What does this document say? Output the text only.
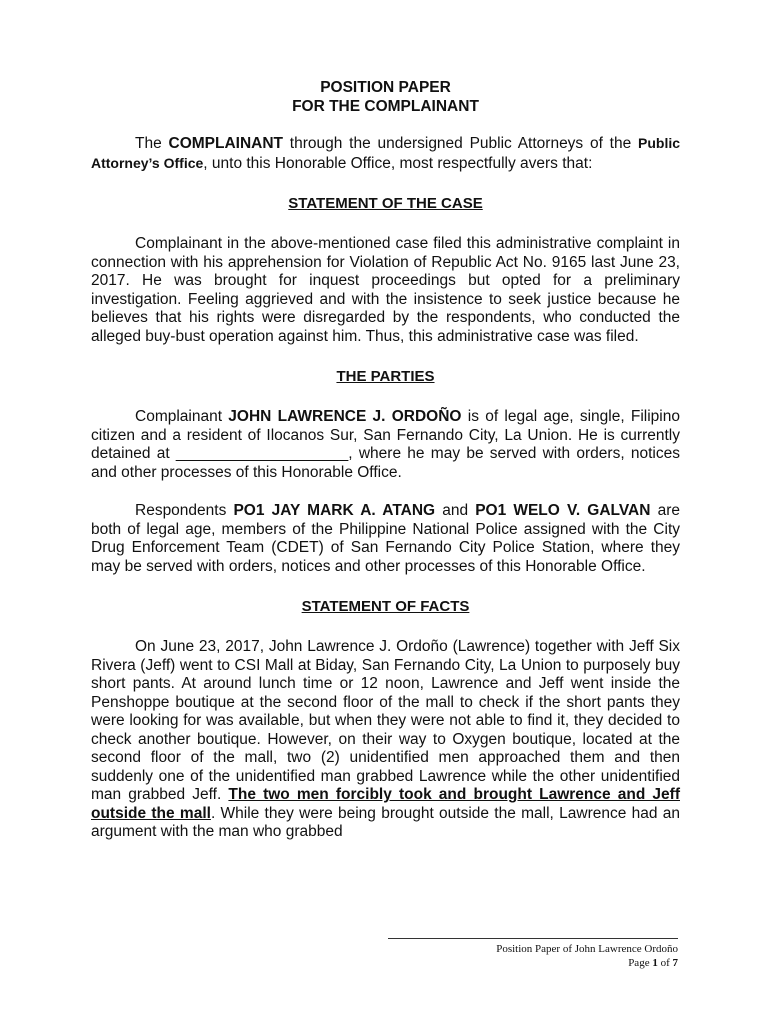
POSITION PAPER

FOR THE COMPLAINANT

The COMPLAINANT through the undersigned Public Attorneys of the Public Attorney’s Office, unto this Honorable Office, most respectfully avers that:

STATEMENT OF THE CASE

Complainant in the above-mentioned case filed this administrative complaint in connection with his apprehension for Violation of Republic Act No. 9165 last June 23, 2017. He was brought for inquest proceedings but opted for a preliminary investigation. Feeling aggrieved and with the insistence to seek justice because he believes that his rights were disregarded by the respondents, who conducted the alleged buy-bust operation against him. Thus, this administrative case was filed.

THE PARTIES

Complainant JOHN LAWRENCE J. ORDOÑO is of legal age, single, Filipino citizen and a resident of Ilocanos Sur, San Fernando City, La Union. He is currently detained at ____________________, where he may be served with orders, notices and other processes of this Honorable Office.

Respondents PO1 JAY MARK A. ATANG and PO1 WELO V. GALVAN are both of legal age, members of the Philippine National Police assigned with the City Drug Enforcement Team (CDET) of San Fernando City Police Station, where they may be served with orders, notices and other processes of this Honorable Office.

STATEMENT OF FACTS

On June 23, 2017, John Lawrence J. Ordoño (Lawrence) together with Jeff Six Rivera (Jeff) went to CSI Mall at Biday, San Fernando City, La Union to purposely buy short pants. At around lunch time or 12 noon, Lawrence and Jeff went inside the Penshoppe boutique at the second floor of the mall to check if the short pants they were looking for was available, but when they were not able to find it, they decided to check another boutique. However, on their way to Oxygen boutique, located at the second floor of the mall, two (2) unidentified men approached them and then suddenly one of the unidentified man grabbed Lawrence while the other unidentified man grabbed Jeff. The two men forcibly took and brought Lawrence and Jeff outside the mall. While they were being brought outside the mall, Lawrence had an argument with the man who grabbed

Position Paper of John Lawrence Ordoño
Page 1 of 7
